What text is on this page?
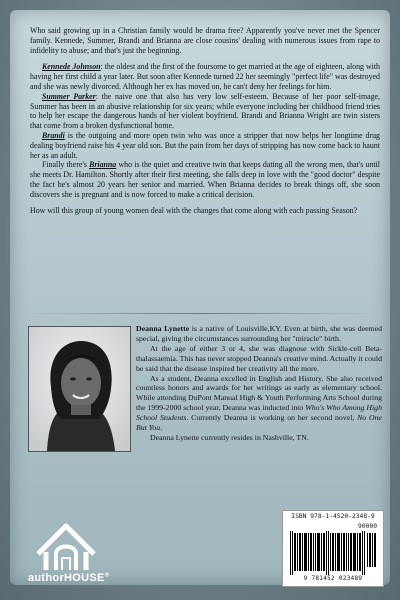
Who said growing up in a Christian family would be drama free? Apparently you've never met the Spencer family. Kennede, Summer, Brandi and Brianna are close cousins' dealing with numerous issues from rape to infidelity to abuse; and that's just the beginning.

Kennede Johnson: the oldest and the first of the foursome to get married at the age of eighteen, along with having her first child a year later. But soon after Kennede turned 22 her seemingly "perfect life" was destroyed and she was newly divorced. Although her ex has moved on, he can't deny her feelings for him.

Summer Parker: the naive one that also has very low self-esteem. Because of her poor self-image, Summer has been in an abusive relationship for six years; while everyone including her childhood friend tries to help her escape the dangerous hands of her violent boyfriend. Brandi and Brianna Wright are twin sisters that come from a broken dysfunctional home.

Brandi is the outgoing and more open twin who was once a stripper that now helps her longtime drug dealing boyfriend raise his 4 year old son. But the pain from her days of stripping has now come back to haunt her as an adult.

Finally there's Brianna who is the quiet and creative twin that keeps dating all the wrong men, that's until she meets Dr. Hamilton. Shortly after their first meeting, she falls deep in love with the "good doctor" despite the fact he's almost 20 years her senior and married. When Brianna decides to break things off, she soon discovers she is pregnant and is now forced to make a critical decision.

How will this group of young women deal with the changes that come along with each passing Season?

Deanna Lynette is a native of Louisville,KY. Even at birth, she was deemed special, giving the circumstances surrounding her "miracle" birth.

At the age of either 3 or 4, she was diagnose with Sickle-cell Beta-thalassaemia. This has never stopped Deanna's creative mind. Actually it could be said that the disease inspired her creativity all the more.

As a student, Deanna excelled in English and History. She also received countless honors and awards for her writings as early as elementary school. While attending DuPont Manual High & Youth Performing Arts School during the 1999-2000 school year, Deanna was inducted into Who's Who Among High School Students. Currently Deanna is working on her second novel, No One But You.

Deanna Lynette currently resides in Nashville, TN.

authorHOUSE®
ISBN 978-1-4520-2348-9
90000
9 781452 023489
